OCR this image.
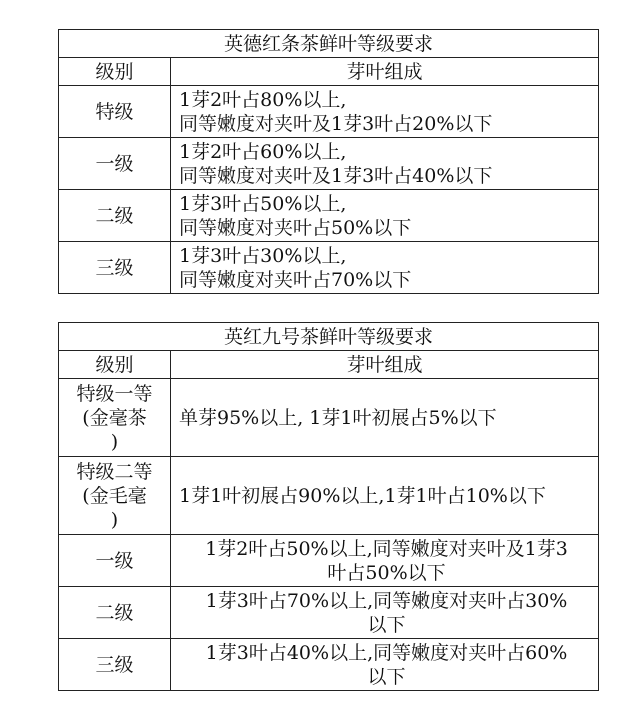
英德红条茶鲜叶等级要求	
级别	芽叶组成
特级	1芽2叶占80%以上,
同等嫩度对夹叶及1芽3叶占20%以下
一级	1芽2叶占60%以上,
同等嫩度对夹叶及1芽3叶占40%以下
二级	1芽3叶占50%以上,
同等嫩度对夹叶占50%以下
三级	1芽3叶占30%以上,
同等嫩度对夹叶占70%以下
英红九号茶鲜叶等级要求	
级别	芽叶组成
特级一等
(金毫茶
)	单芽95%以上, 1芽1叶初展占5%以下
特级二等
(金毛毫
)	1芽1叶初展占90%以上,1芽1叶占10%以下
一级	1芽2叶占50%以上,同等嫩度对夹叶及1芽3
叶占50%以下
二级	1芽3叶占70%以上,同等嫩度对夹叶占30%
以下
三级	1芽3叶占40%以上,同等嫩度对夹叶占60%
以下
